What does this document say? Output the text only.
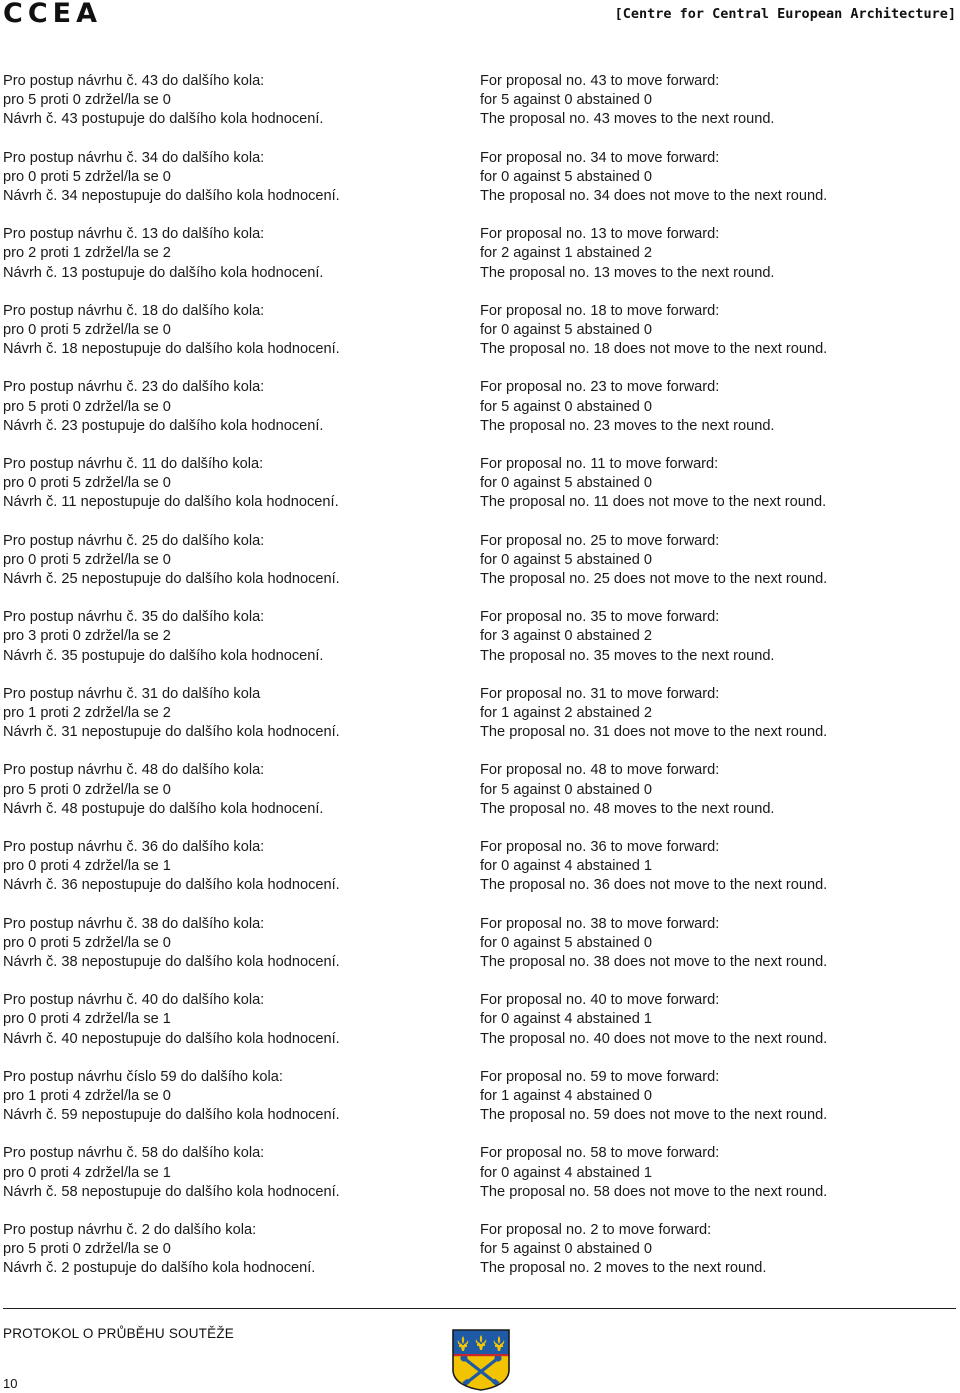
CCEA	[Centre for Central European Architecture]
Pro postup návrhu č. 43 do dalšího kola:
pro 5 proti 0 zdržel/la se 0
Návrh č. 43 postupuje do dalšího kola hodnocení.
Pro postup návrhu č. 34 do dalšího kola:
pro 0 proti 5 zdržel/la se 0
Návrh č. 34 nepostupuje do dalšího kola hodnocení.
Pro postup návrhu č. 13 do dalšího kola:
pro 2 proti 1 zdržel/la se 2
Návrh č. 13 postupuje do dalšího kola hodnocení.
Pro postup návrhu č. 18 do dalšího kola:
pro 0 proti 5 zdržel/la se 0
Návrh č. 18 nepostupuje do dalšího kola hodnocení.
Pro postup návrhu č. 23 do dalšího kola:
pro 5 proti 0 zdržel/la se 0
Návrh č. 23 postupuje do dalšího kola hodnocení.
Pro postup návrhu č. 11 do dalšího kola:
pro 0 proti 5 zdržel/la se 0
Návrh č. 11 nepostupuje do dalšího kola hodnocení.
Pro postup návrhu č. 25 do dalšího kola:
pro 0 proti 5 zdržel/la se 0
Návrh č. 25 nepostupuje do dalšího kola hodnocení.
Pro postup návrhu č. 35 do dalšího kola:
pro 3 proti 0 zdržel/la se 2
Návrh č. 35 postupuje do dalšího kola hodnocení.
Pro postup návrhu č. 31 do dalšího kola
pro 1 proti 2 zdržel/la se 2
Návrh č. 31 nepostupuje do dalšího kola hodnocení.
Pro postup návrhu č. 48 do dalšího kola:
pro 5 proti 0 zdržel/la se 0
Návrh č. 48 postupuje do dalšího kola hodnocení.
Pro postup návrhu č. 36 do dalšího kola:
pro 0 proti 4 zdržel/la se 1
Návrh č. 36 nepostupuje do dalšího kola hodnocení.
Pro postup návrhu č. 38 do dalšího kola:
pro 0 proti 5 zdržel/la se 0
Návrh č. 38 nepostupuje do dalšího kola hodnocení.
Pro postup návrhu č. 40 do dalšího kola:
pro 0 proti 4 zdržel/la se 1
Návrh č. 40 nepostupuje do dalšího kola hodnocení.
Pro postup návrhu číslo 59 do dalšího kola:
pro 1 proti 4 zdržel/la se 0
Návrh č. 59 nepostupuje do dalšího kola hodnocení.
Pro postup návrhu č. 58 do dalšího kola:
pro 0 proti 4 zdržel/la se 1
Návrh č. 58 nepostupuje do dalšího kola hodnocení.
Pro postup návrhu č. 2 do dalšího kola:
pro 5 proti 0 zdržel/la se 0
Návrh č. 2 postupuje do dalšího kola hodnocení.
For proposal no. 43 to move forward:
for 5 against 0 abstained 0
The proposal no. 43 moves to the next round.
For proposal no. 34 to move forward:
for 0 against 5 abstained 0
The proposal no. 34 does not move to the next round.
For proposal no. 13 to move forward:
for 2 against 1 abstained 2
The proposal no. 13 moves to the next round.
For proposal no. 18 to move forward:
for 0 against 5 abstained 0
The proposal no. 18 does not move to the next round.
For proposal no. 23 to move forward:
for 5 against 0 abstained 0
The proposal no. 23 moves to the next round.
For proposal no. 11 to move forward:
for 0 against 5 abstained 0
The proposal no. 11 does not move to the next round.
For proposal no. 25 to move forward:
for 0 against 5 abstained 0
The proposal no. 25 does not move to the next round.
For proposal no. 35 to move forward:
for 3 against 0 abstained 2
The proposal no. 35 moves to the next round.
For proposal no. 31 to move forward:
for 1 against 2 abstained 2
The proposal no. 31 does not move to the next round.
For proposal no. 48 to move forward:
for 5 against 0 abstained 0
The proposal no. 48 moves to the next round.
For proposal no. 36 to move forward:
for 0 against 4 abstained 1
The proposal no. 36 does not move to the next round.
For proposal no. 38 to move forward:
for 0 against 5 abstained 0
The proposal no. 38 does not move to the next round.
For proposal no. 40 to move forward:
for 0 against 4 abstained 1
The proposal no. 40 does not move to the next round.
For proposal no. 59 to move forward:
for 1 against 4 abstained 0
The proposal no. 59 does not move to the next round.
For proposal no. 58 to move forward:
for 0 against 4 abstained 1
The proposal no. 58 does not move to the next round.
For proposal no. 2 to move forward:
for 5 against 0 abstained 0
The proposal no. 2 moves to the next round.
PROTOKOL O PRŮBĚHU SOUTĚŽE
10
